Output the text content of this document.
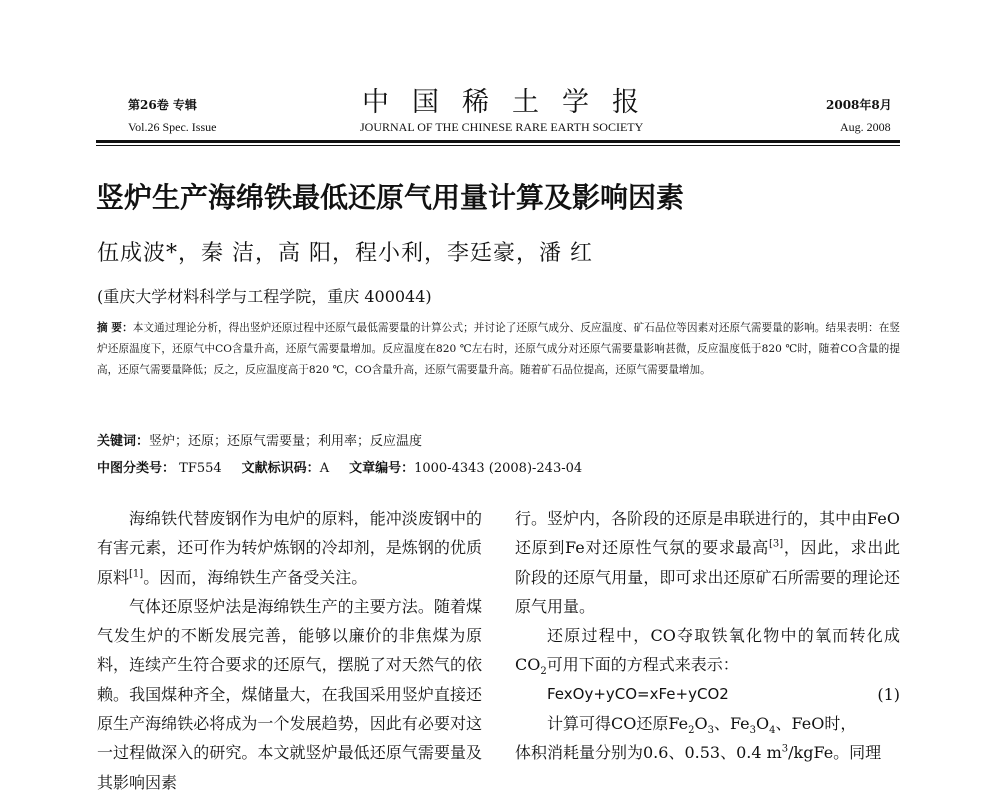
第26卷 专辑
Vol.26 Spec. Issue
中国稀土学报
JOURNAL OF THE CHINESE RARE EARTH SOCIETY
2008年8月
Aug. 2008
竖炉生产海绵铁最低还原气用量计算及影响因素
伍成波*，秦 洁，高 阳，程小利，李廷豪，潘 红
(重庆大学材料科学与工程学院，重庆 400044)
摘 要：本文通过理论分析，得出竖炉还原过程中还原气最低需要量的计算公式；并讨论了还原气成分、反应温度、矿石品位等因素对还原气需要量的影响。结果表明：在竖炉还原温度下，还原气中CO含量升高，还原气需要量增加。反应温度在820 ℃左右时，还原气成分对还原气需要量影响甚微，反应温度低于820 ℃时，随着CO含量的提高，还原气需要量降低；反之，反应温度高于820 ℃，CO含量升高，还原气需要量升高。随着矿石品位提高，还原气需要量增加。
关键词：竖炉；还原；还原气需要量；利用率；反应温度
中图分类号： TF554 文献标识码：A 文章编号：1000-4343 (2008)-243-04

海绵铁代替废钢作为电炉的原料，能冲淡废钢中的有害元素，还可作为转炉炼钢的冷却剂，是炼钢的优质原料[1]。因而，海绵铁生产备受关注。

气体还原竖炉法是海绵铁生产的主要方法。随着煤气发生炉的不断发展完善，能够以廉价的非焦煤为原料，连续产生符合要求的还原气，摆脱了对天然气的依赖。我国煤种齐全，煤储量大，在我国采用竖炉直接还原生产海绵铁必将成为一个发展趋势，因此有必要对这一过程做深入的研究。本文就竖炉最低还原气需要量及其影响因素

行。竖炉内，各阶段的还原是串联进行的，其中由FeO还原到Fe对还原性气氛的要求最高[3]，因此，求出此阶段的还原气用量，即可求出还原矿石所需要的理论还原气用量。

还原过程中，CO夺取铁氧化物中的氧而转化成$CO_2$可用下面的方程式来表示：

FexOy+yCO=xFe+yCO2	(1)

计算可得CO还原$Fe_2O_3$、$Fe_3O_4$、FeO时，

体积消耗量分别为0.6、0.53、0.4 $m^3$/kgFe。同理
